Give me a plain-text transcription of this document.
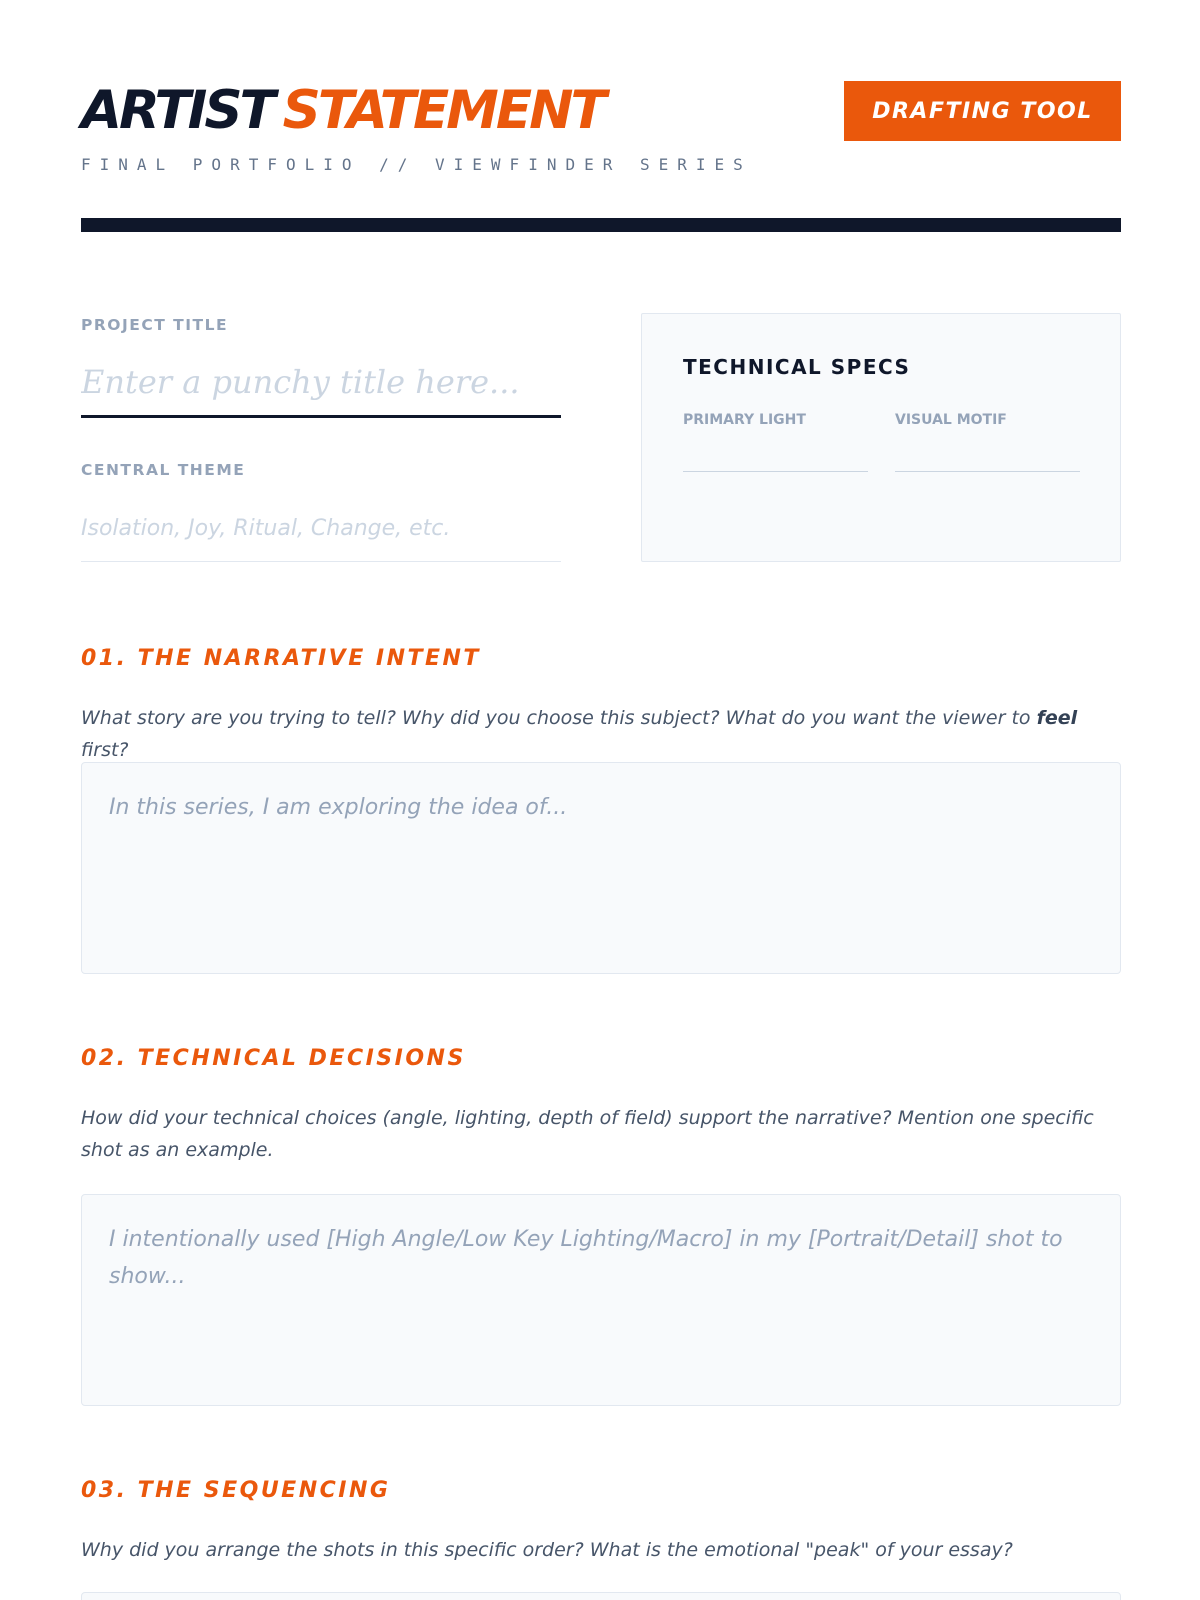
ARTIST STATEMENT
FINAL PORTFOLIO // VIEWFINDER SERIES
DRAFTING TOOL
PROJECT TITLE
Enter a punchy title here...
CENTRAL THEME
Isolation, Joy, Ritual, Change, etc.
TECHNICAL SPECS
PRIMARY LIGHT	VISUAL MOTIF
01. THE NARRATIVE INTENT
What story are you trying to tell? Why did you choose this subject? What do you want the viewer to feel first?
In this series, I am exploring the idea of...
02. TECHNICAL DECISIONS
How did your technical choices (angle, lighting, depth of field) support the narrative? Mention one specific shot as an example.
I intentionally used [High Angle/Low Key Lighting/Macro] in my [Portrait/Detail] shot to show...
03. THE SEQUENCING
Why did you arrange the shots in this specific order? What is the emotional "peak" of your essay?
